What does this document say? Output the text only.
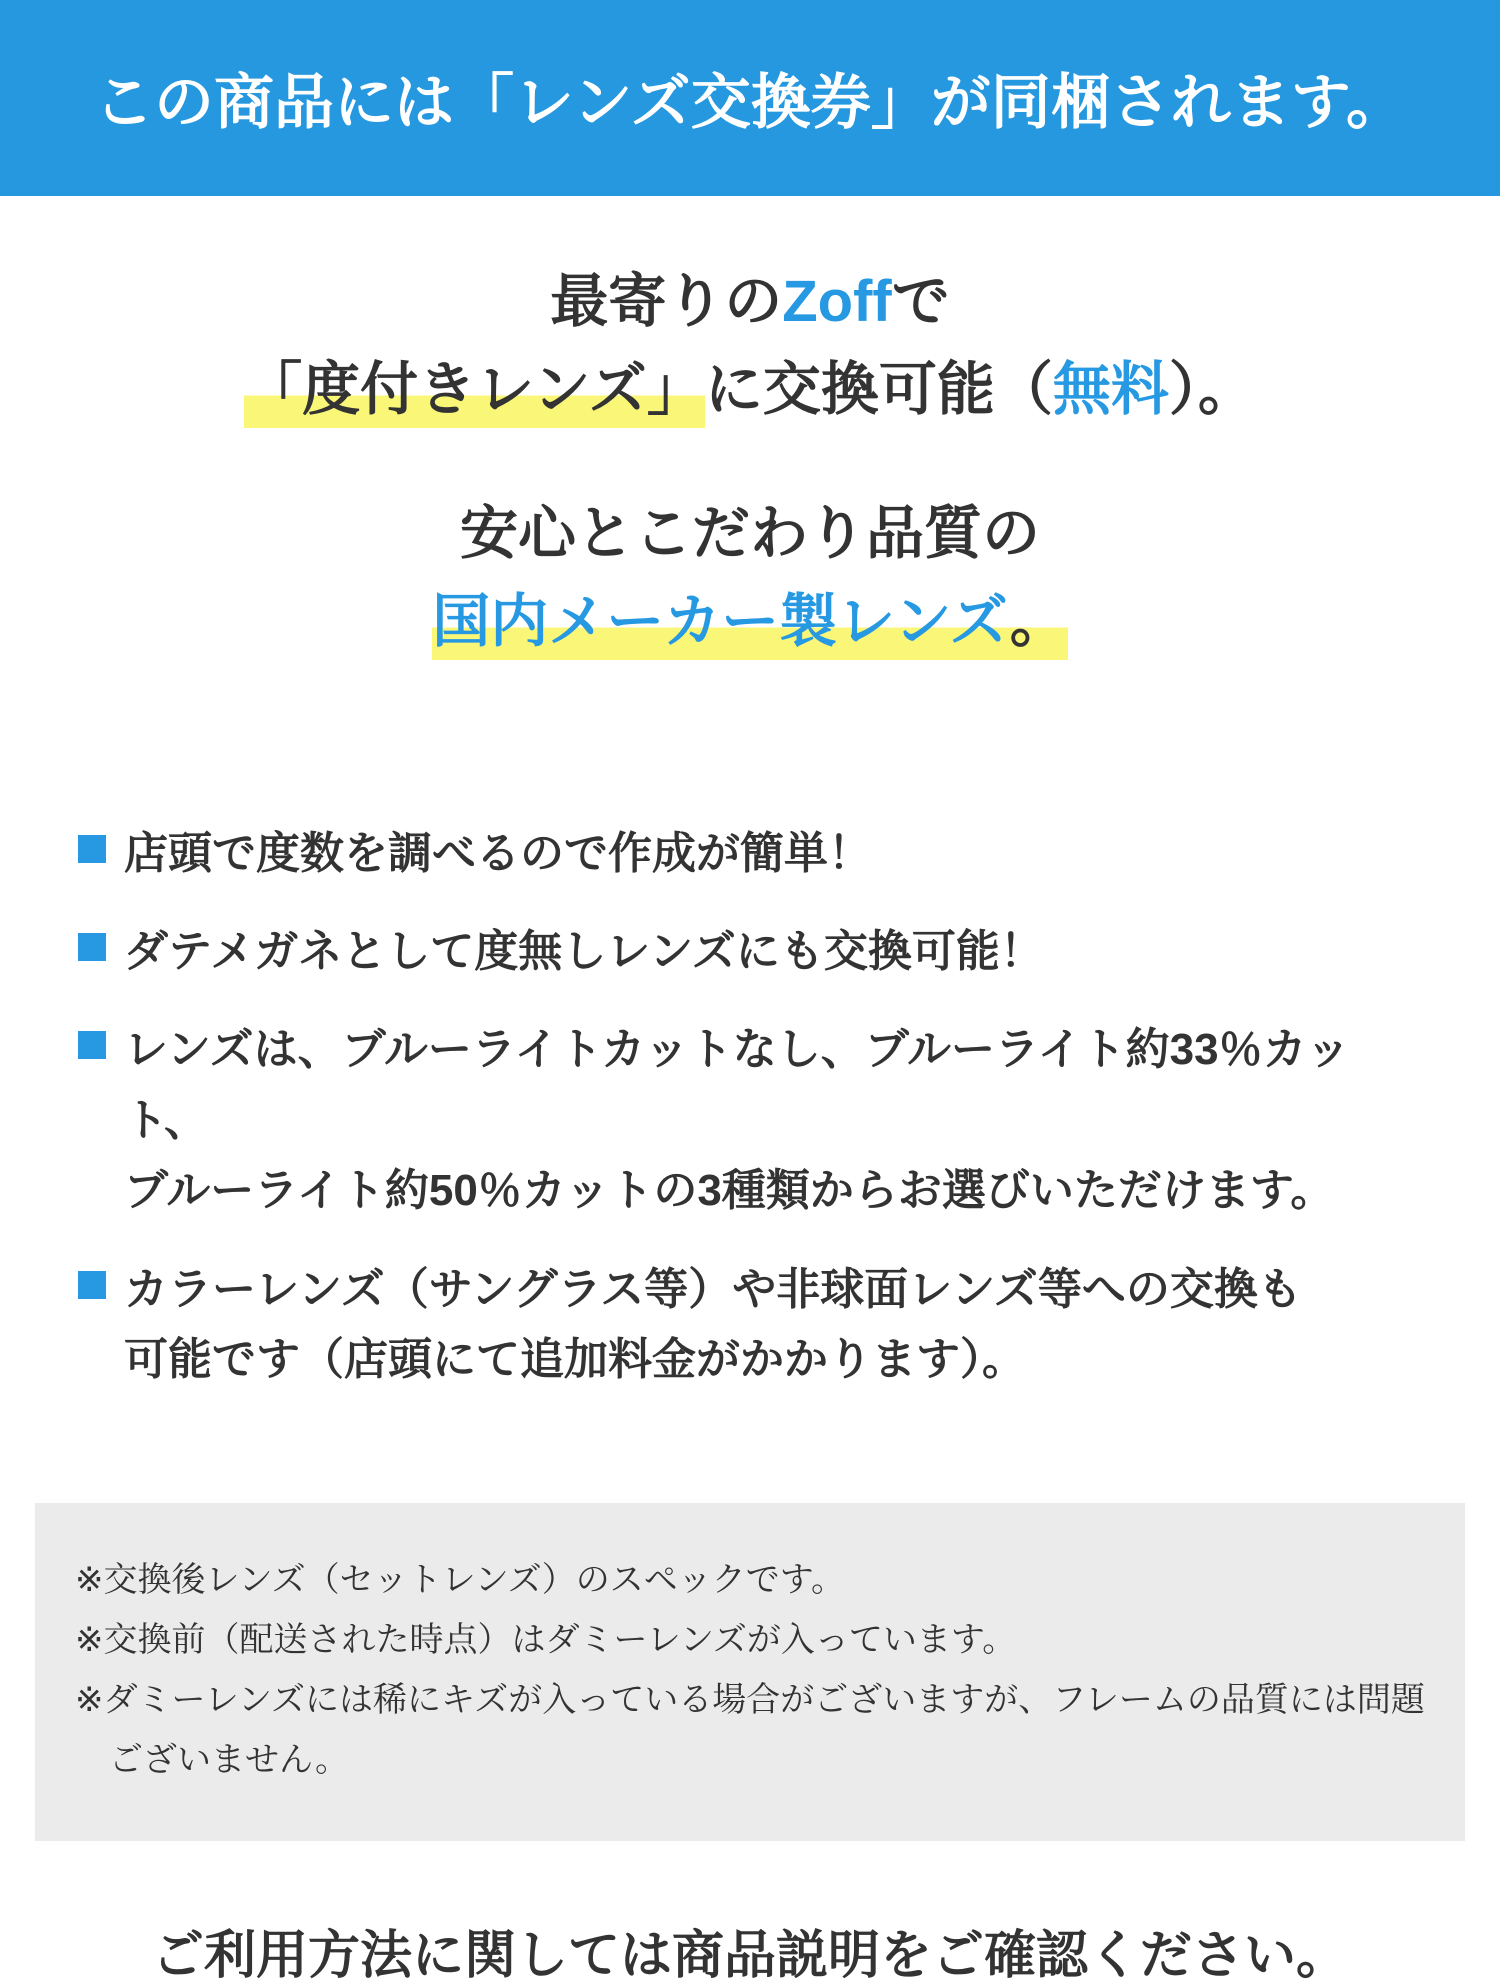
この商品には「レンズ交換券」が同梱されます。

最寄りのZoffで

「度付きレンズ」に交換可能（無料）。

安心とこだわり品質の

国内メーカー製レンズ。

店頭で度数を調べるので作成が簡単！

ダテメガネとして度無しレンズにも交換可能！

レンズは、ブルーライトカットなし、ブルーライト約33％カット、
ブルーライト約50％カットの3種類からお選びいただけます。

カラーレンズ（サングラス等）や非球面レンズ等への交換も
可能です（店頭にて追加料金がかかります）。

※交換後レンズ（セットレンズ）のスペックです。

※交換前（配送された時点）はダミーレンズが入っています。

※ダミーレンズには稀にキズが入っている場合がございますが、フレームの品質には問題ございません。

ご利用方法に関しては商品説明をご確認ください。
